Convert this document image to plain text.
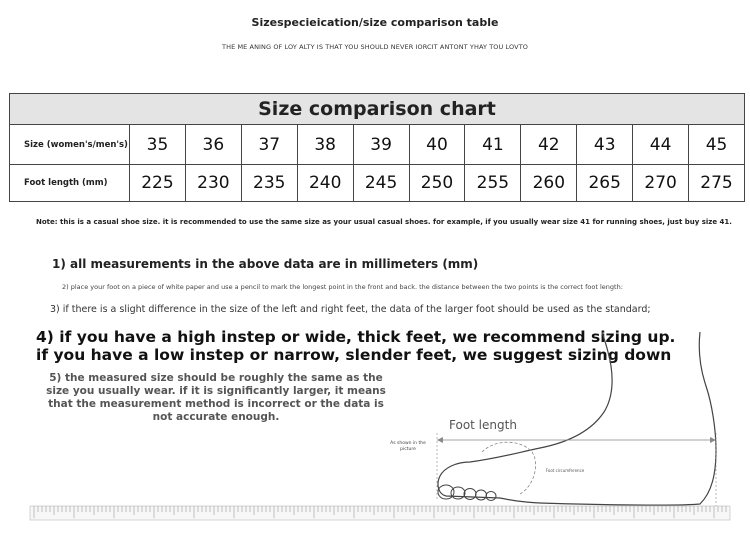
Sizespecieication/size comparison table
THE ME ANING OF LOY ALTY IS THAT YOU SHOULD NEVER IORCIT ANTONT YHAY TOU LOVTO
Size comparison chart											
Size (women's/men's)	35	36	37	38	39	40	41	42	43	44	45
Foot length (mm)	225	230	235	240	245	250	255	260	265	270	275
Note: this is a casual shoe size. it is recommended to use the same size as your usual casual shoes. for example, if you usually wear size 41 for running shoes, just buy size 41.
1) all measurements in the above data are in millimeters (mm)
2) place your foot on a piece of white paper and use a pencil to mark the longest point in the front and back. the distance between the two points is the correct foot length:
3) if there is a slight difference in the size of the left and right feet, the data of the larger foot should be used as the standard;
4) if you have a high instep or wide, thick feet, we recommend sizing up.
if you have a low instep or narrow, slender feet, we suggest sizing down
5) the measured size should be roughly the same as the size you usually wear. if it is significantly larger, it means that the measurement method is incorrect or the data is not accurate enough.
Foot length
As shown in the picture
Foot circumference
